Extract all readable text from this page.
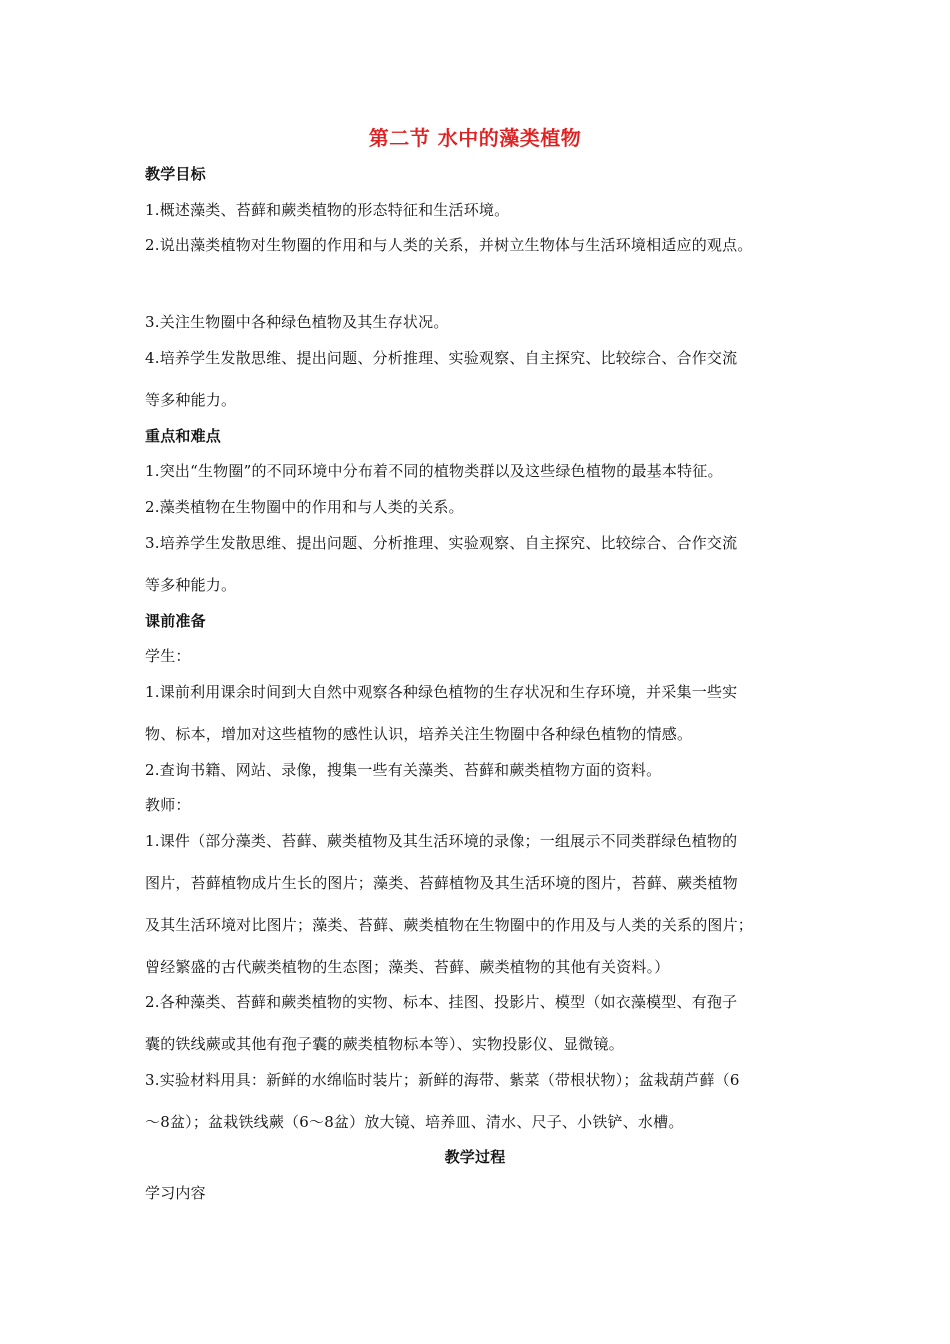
第二节 水中的藻类植物
教学目标
1.概述藻类、苔藓和蕨类植物的形态特征和生活环境。
2.说出藻类植物对生物圈的作用和与人类的关系，并树立生物体与生活环境相适应的观点。
3.关注生物圈中各种绿色植物及其生存状况。
4.培养学生发散思维、提出问题、分析推理、实验观察、自主探究、比较综合、合作交流
等多种能力。
重点和难点
1.突出“生物圈”的不同环境中分布着不同的植物类群以及这些绿色植物的最基本特征。
2.藻类植物在生物圈中的作用和与人类的关系。
3.培养学生发散思维、提出问题、分析推理、实验观察、自主探究、比较综合、合作交流
等多种能力。
课前准备
学生：
1.课前利用课余时间到大自然中观察各种绿色植物的生存状况和生存环境，并采集一些实
物、标本，增加对这些植物的感性认识，培养关注生物圈中各种绿色植物的情感。
2.查询书籍、网站、录像，搜集一些有关藻类、苔藓和蕨类植物方面的资料。
教师：
1.课件（部分藻类、苔藓、蕨类植物及其生活环境的录像；一组展示不同类群绿色植物的
图片，苔藓植物成片生长的图片；藻类、苔藓植物及其生活环境的图片，苔藓、蕨类植物
及其生活环境对比图片；藻类、苔藓、蕨类植物在生物圈中的作用及与人类的关系的图片；
曾经繁盛的古代蕨类植物的生态图；藻类、苔藓、蕨类植物的其他有关资料。）
2.各种藻类、苔藓和蕨类植物的实物、标本、挂图、投影片、模型（如衣藻模型、有孢子
囊的铁线蕨或其他有孢子囊的蕨类植物标本等）、实物投影仪、显微镜。
3.实验材料用具：新鲜的水绵临时装片；新鲜的海带、紫菜（带根状物）；盆栽葫芦藓（6
～8盆）；盆栽铁线蕨（6～8盆）放大镜、培养皿、清水、尺子、小铁铲、水槽。
教学过程
学习内容
